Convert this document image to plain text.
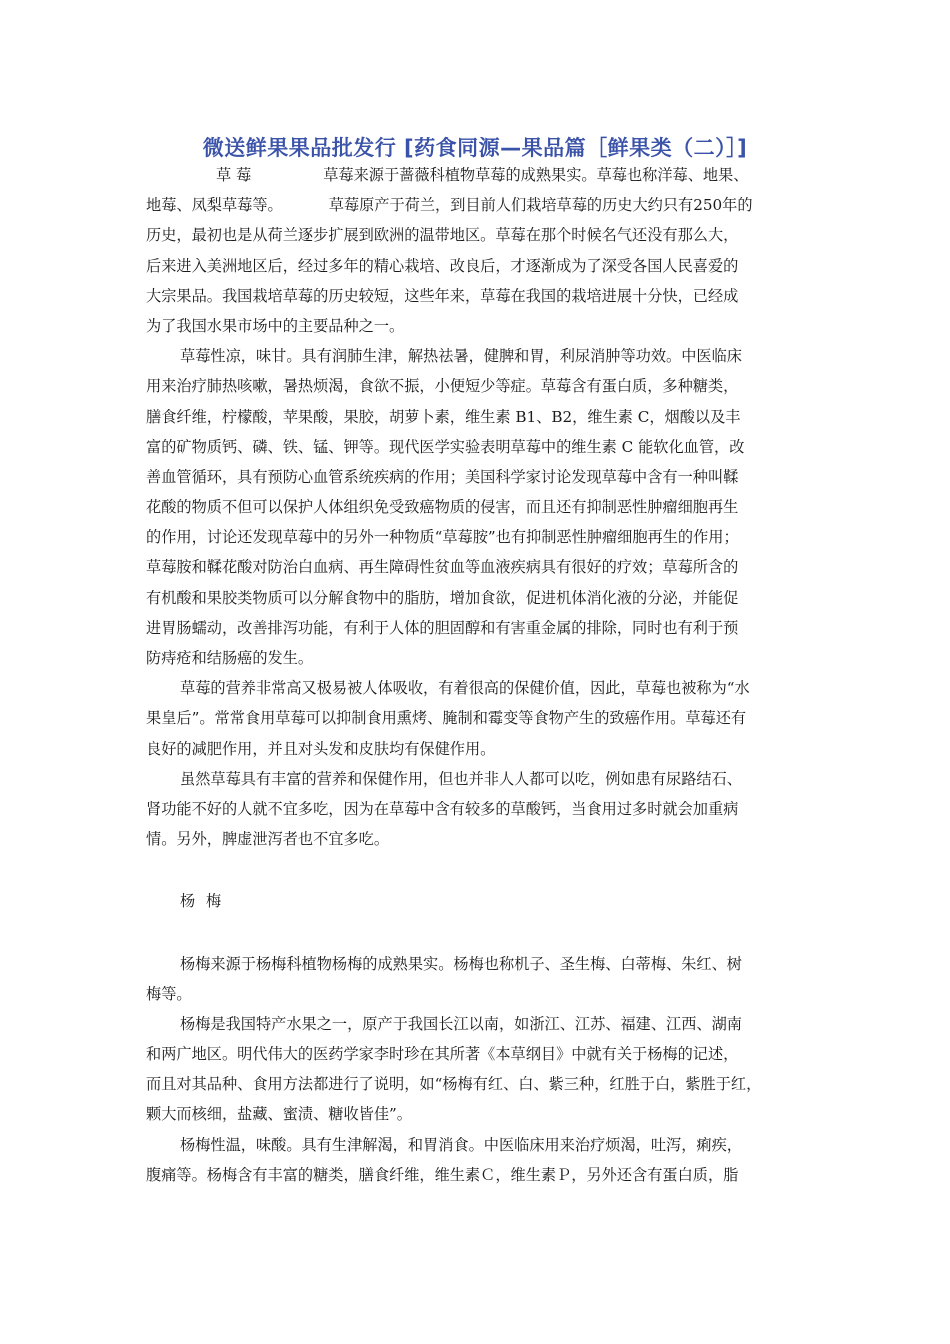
微送鲜果果品批发行 [药食同源—果品篇［鲜果类（二）］]
草 莓	草莓来源于蔷薇科植物草莓的成熟果实。草莓也称洋莓、地果、
地莓、凤梨草莓等。	草莓原产于荷兰，到目前人们栽培草莓的历史大约只有250年的
历史，最初也是从荷兰逐步扩展到欧洲的温带地区。草莓在那个时候名气还没有那么大，
后来进入美洲地区后，经过多年的精心栽培、改良后，才逐渐成为了深受各国人民喜爱的
大宗果品。我国栽培草莓的历史较短，这些年来，草莓在我国的栽培进展十分快，已经成
为了我国水果市场中的主要品种之一。
草莓性凉，味甘。具有润肺生津，解热祛暑，健脾和胃，利尿消肿等功效。中医临床
用来治疗肺热咳嗽，暑热烦渴，食欲不振，小便短少等症。草莓含有蛋白质，多种糖类，
膳食纤维，柠檬酸，苹果酸，果胶，胡萝卜素，维生素 B1、B2，维生素 C，烟酸以及丰
富的矿物质钙、磷、铁、锰、钾等。现代医学实验表明草莓中的维生素 C 能软化血管，改
善血管循环，具有预防心血管系统疾病的作用；美国科学家讨论发现草莓中含有一种叫鞣
花酸的物质不但可以保护人体组织免受致癌物质的侵害，而且还有抑制恶性肿瘤细胞再生
的作用，讨论还发现草莓中的另外一种物质“草莓胺”也有抑制恶性肿瘤细胞再生的作用；
草莓胺和鞣花酸对防治白血病、再生障碍性贫血等血液疾病具有很好的疗效；草莓所含的
有机酸和果胶类物质可以分解食物中的脂肪，增加食欲，促进机体消化液的分泌，并能促
进胃肠蠕动，改善排泻功能，有利于人体的胆固醇和有害重金属的排除，同时也有利于预
防痔疮和结肠癌的发生。
草莓的营养非常高又极易被人体吸收，有着很高的保健价值，因此，草莓也被称为“水
果皇后”。常常食用草莓可以抑制食用熏烤、腌制和霉变等食物产生的致癌作用。草莓还有
良好的减肥作用，并且对头发和皮肤均有保健作用。
虽然草莓具有丰富的营养和保健作用，但也并非人人都可以吃，例如患有尿路结石、
肾功能不好的人就不宜多吃，因为在草莓中含有较多的草酸钙，当食用过多时就会加重病
情。另外，脾虚泄泻者也不宜多吃。
杨 梅
杨梅来源于杨梅科植物杨梅的成熟果实。杨梅也称机子、圣生梅、白蒂梅、朱红、树
梅等。
杨梅是我国特产水果之一，原产于我国长江以南，如浙江、江苏、福建、江西、湖南
和两广地区。明代伟大的医药学家李时珍在其所著《本草纲目》中就有关于杨梅的记述，
而且对其品种、食用方法都进行了说明，如“杨梅有红、白、紫三种，红胜于白，紫胜于红，
颗大而核细，盐藏、蜜渍、糖收皆佳”。
杨梅性温，味酸。具有生津解渴，和胃消食。中医临床用来治疗烦渴，吐泻，痢疾，
腹痛等。杨梅含有丰富的糖类，膳食纤维，维生素Ｃ，维生素Ｐ，另外还含有蛋白质，脂
